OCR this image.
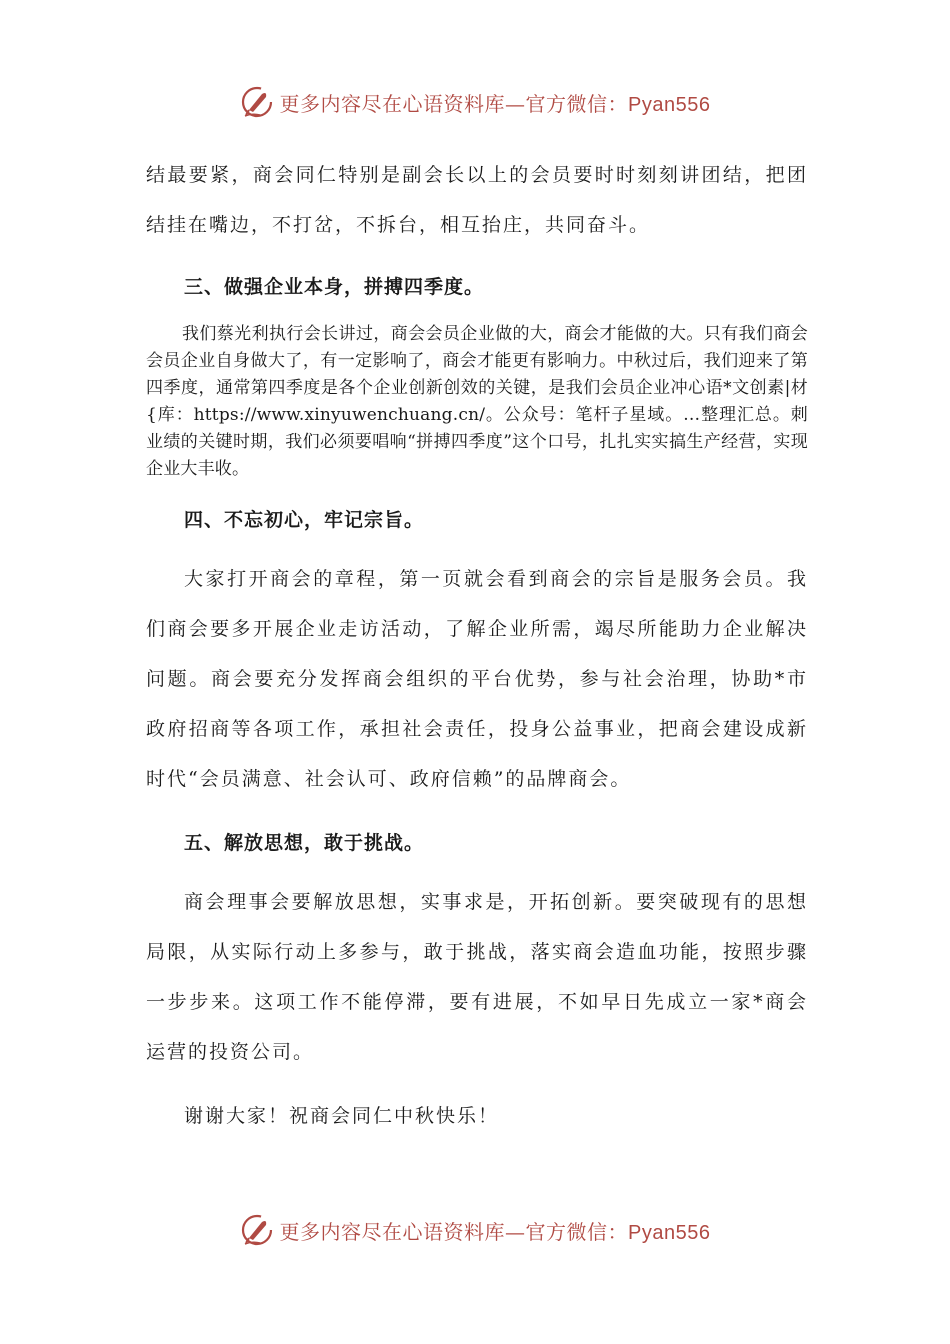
更多内容尽在心语资料库—官方微信：Pyan556

结最要紧，商会同仁特别是副会长以上的会员要时时刻刻讲团结，把团结挂在嘴边，不打岔，不拆台，相互抬庄，共同奋斗。

三、做强企业本身，拼搏四季度。

我们蔡光利执行会长讲过，商会会员企业做的大，商会才能做的大。只有我们商会会员企业自身做大了，有一定影响了，商会才能更有影响力。中秋过后，我们迎来了第四季度，通常第四季度是各个企业创新创效的关键，是我们会员企业冲心语*文创素|材{库：https://www.xinyuwenchuang.cn/。公众号：笔杆子星域。…整理汇总。刺业绩的关键时期，我们必须要唱响“拼搏四季度”这个口号，扎扎实实搞生产经营，实现企业大丰收。

四、不忘初心，牢记宗旨。

大家打开商会的章程，第一页就会看到商会的宗旨是服务会员。我们商会要多开展企业走访活动，了解企业所需，竭尽所能助力企业解决问题。商会要充分发挥商会组织的平台优势，参与社会治理，协助*市政府招商等各项工作，承担社会责任，投身公益事业，把商会建设成新时代“会员满意、社会认可、政府信赖”的品牌商会。

五、解放思想，敢于挑战。

商会理事会要解放思想，实事求是，开拓创新。要突破现有的思想局限，从实际行动上多参与，敢于挑战，落实商会造血功能，按照步骤一步步来。这项工作不能停滞，要有进展，不如早日先成立一家*商会运营的投资公司。

谢谢大家！祝商会同仁中秋快乐！

更多内容尽在心语资料库—官方微信：Pyan556
